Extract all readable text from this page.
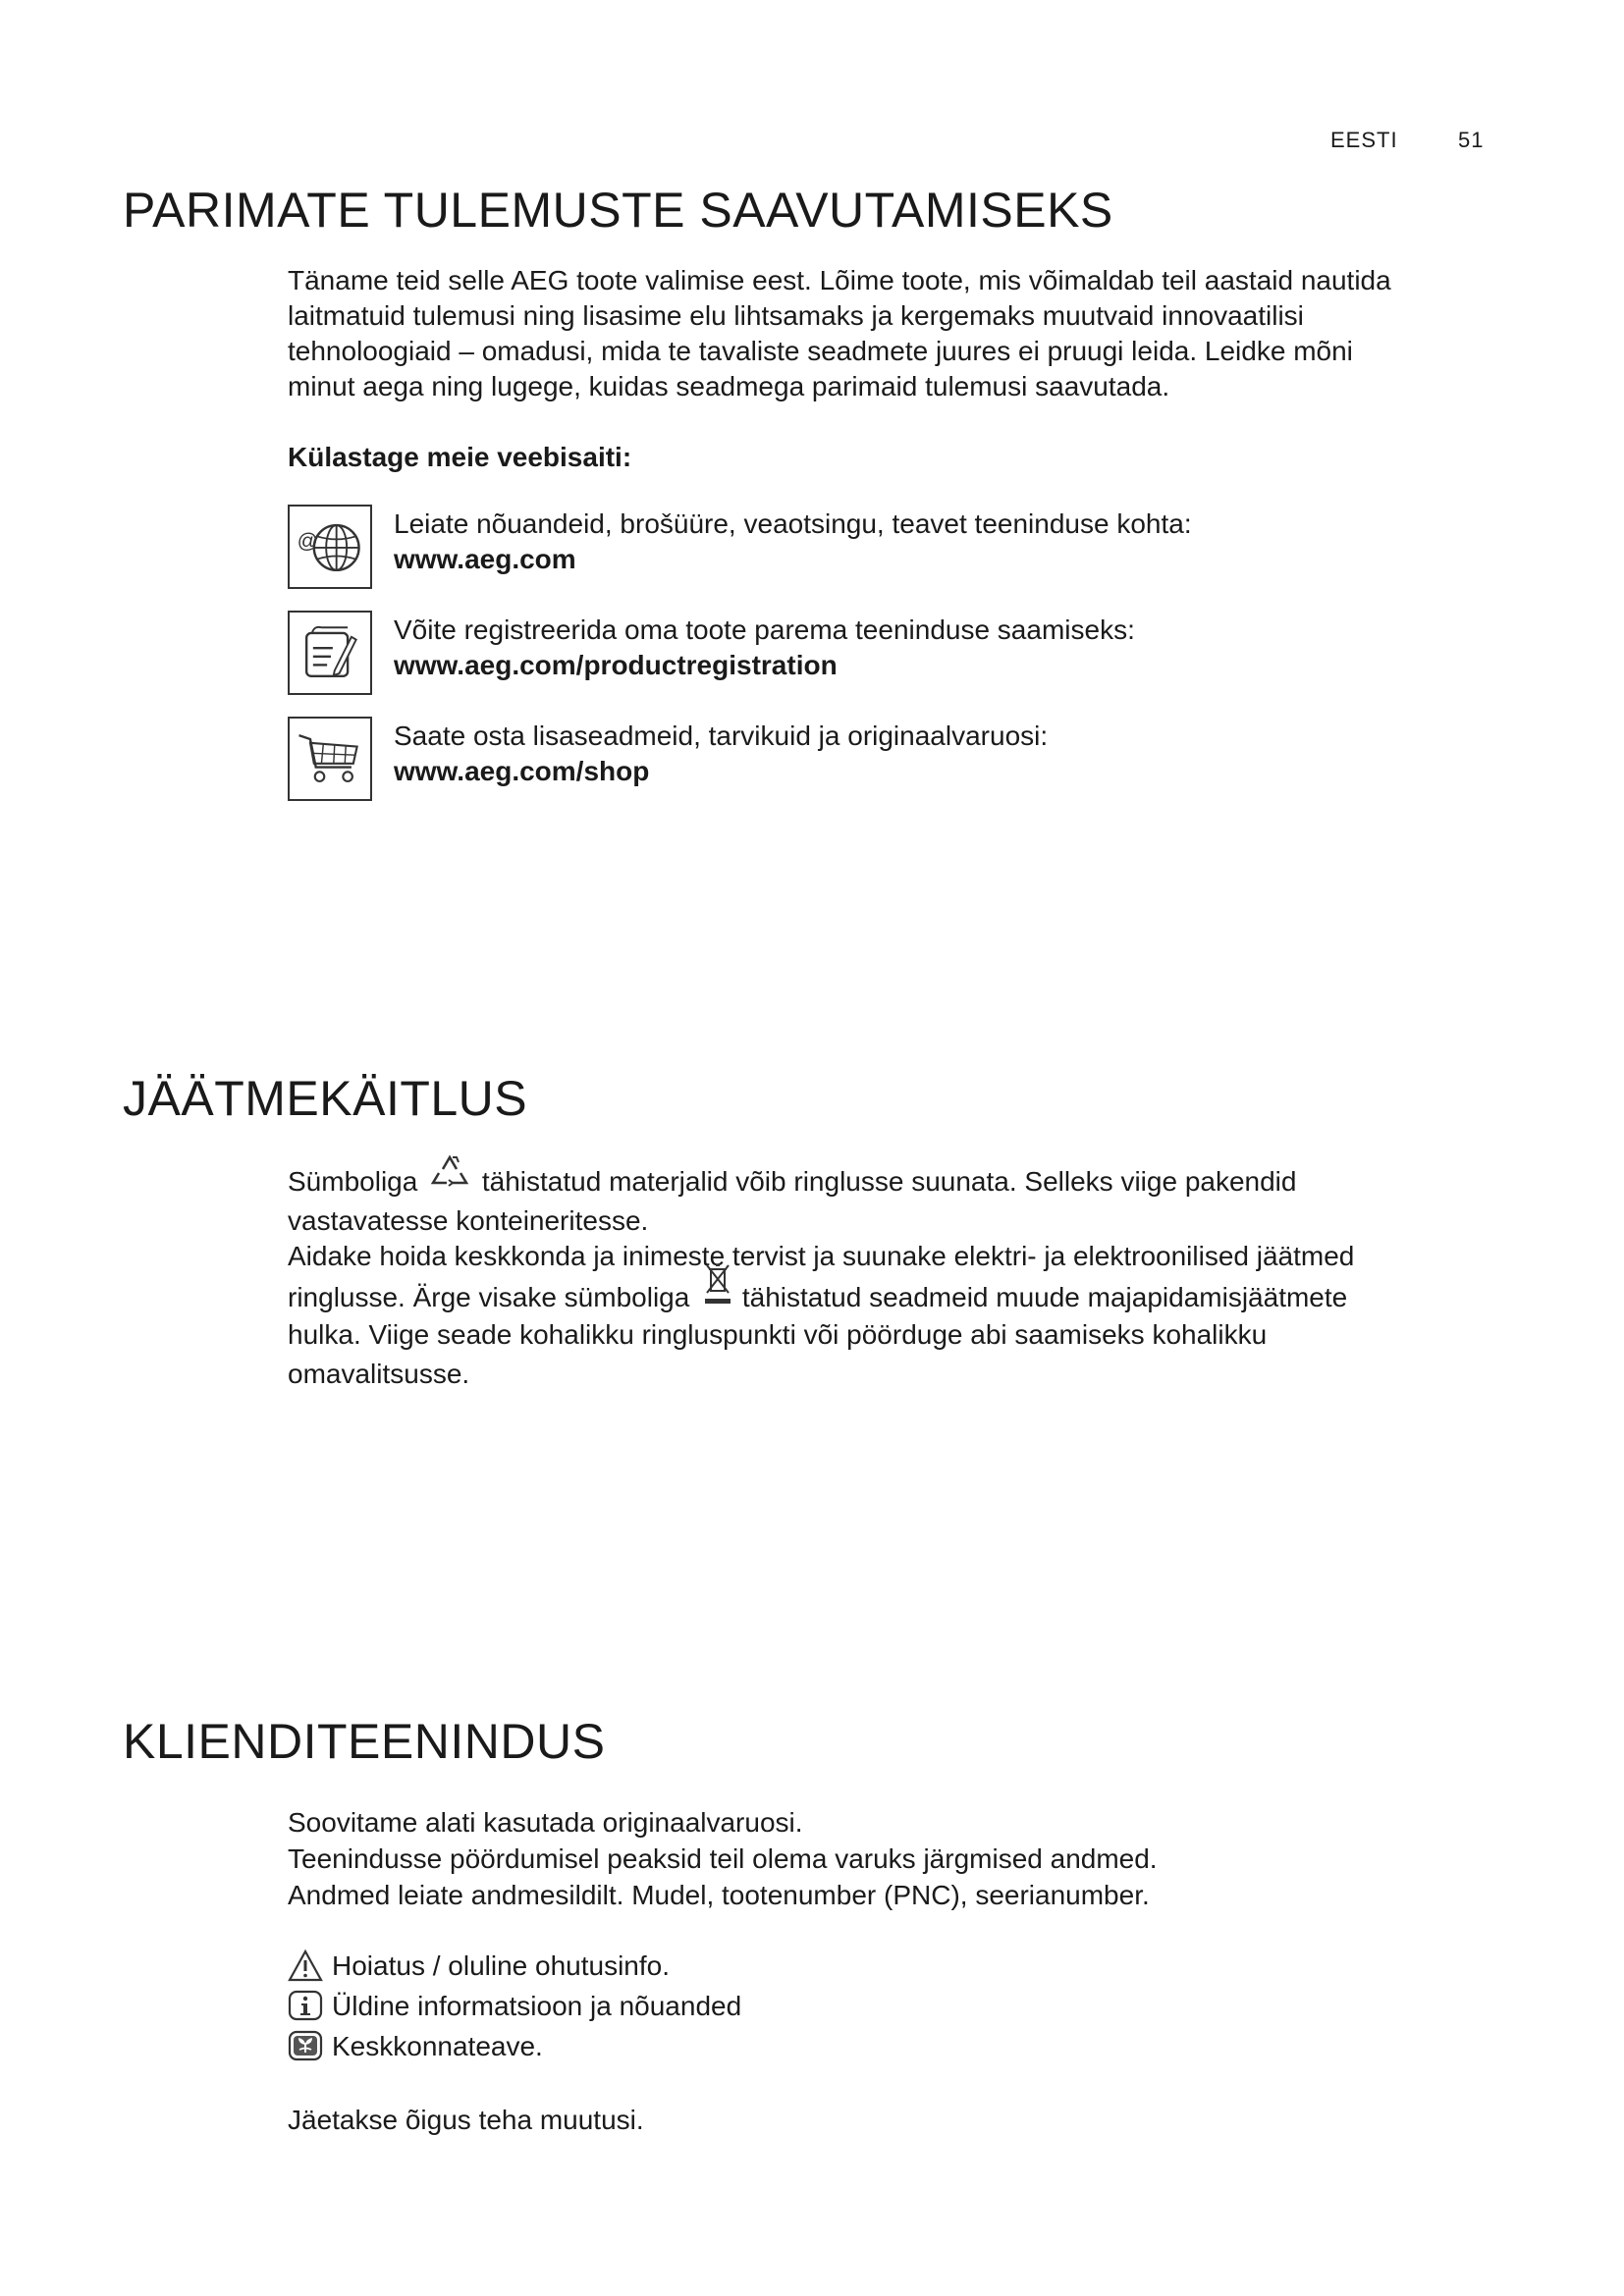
EESTI	51
PARIMATE TULEMUSTE SAAVUTAMISEKS

Täname teid selle AEG toote valimise eest. Lõime toote, mis võimaldab teil aastaid nautida

laitmatuid tulemusi ning lisasime elu lihtsamaks ja kergemaks muutvaid innovaatilisi

tehnoloogiaid – omadusi, mida te tavaliste seadmete juures ei pruugi leida. Leidke mõni

minut aega ning lugege, kuidas seadmega parimaid tulemusi saavutada.

Külastage meie veebisaiti:
@
Leiate nõuandeid, brošüüre, veaotsingu, teavet teeninduse kohta:
www.aeg.com
Võite registreerida oma toote parema teeninduse saamiseks:
www.aeg.com/productregistration
Saate osta lisaseadmeid, tarvikuid ja originaalvaruosi:
www.aeg.com/shop
JÄÄTMEKÄITLUS

Sümboliga tähistatud materjalid võib ringlusse suunata. Selleks viige pakendid

vastavatesse konteineritesse.

Aidake hoida keskkonda ja inimeste tervist ja suunake elektri- ja elektroonilised jäätmed

ringlusse. Ärge visake sümboliga tähistatud seadmeid muude majapidamisjäätmete

hulka. Viige seade kohalikku ringluspunkti või pöörduge abi saamiseks kohalikku

omavalitsusse.

KLIENDITEENINDUS

Soovitame alati kasutada originaalvaruosi.

Teenindusse pöördumisel peaksid teil olema varuks järgmised andmed.

Andmed leiate andmesildilt. Mudel, tootenumber (PNC), seerianumber.

Hoiatus / oluline ohutusinfo.
Üldine informatsioon ja nõuanded
Keskkonnateave.
Jäetakse õigus teha muutusi.
